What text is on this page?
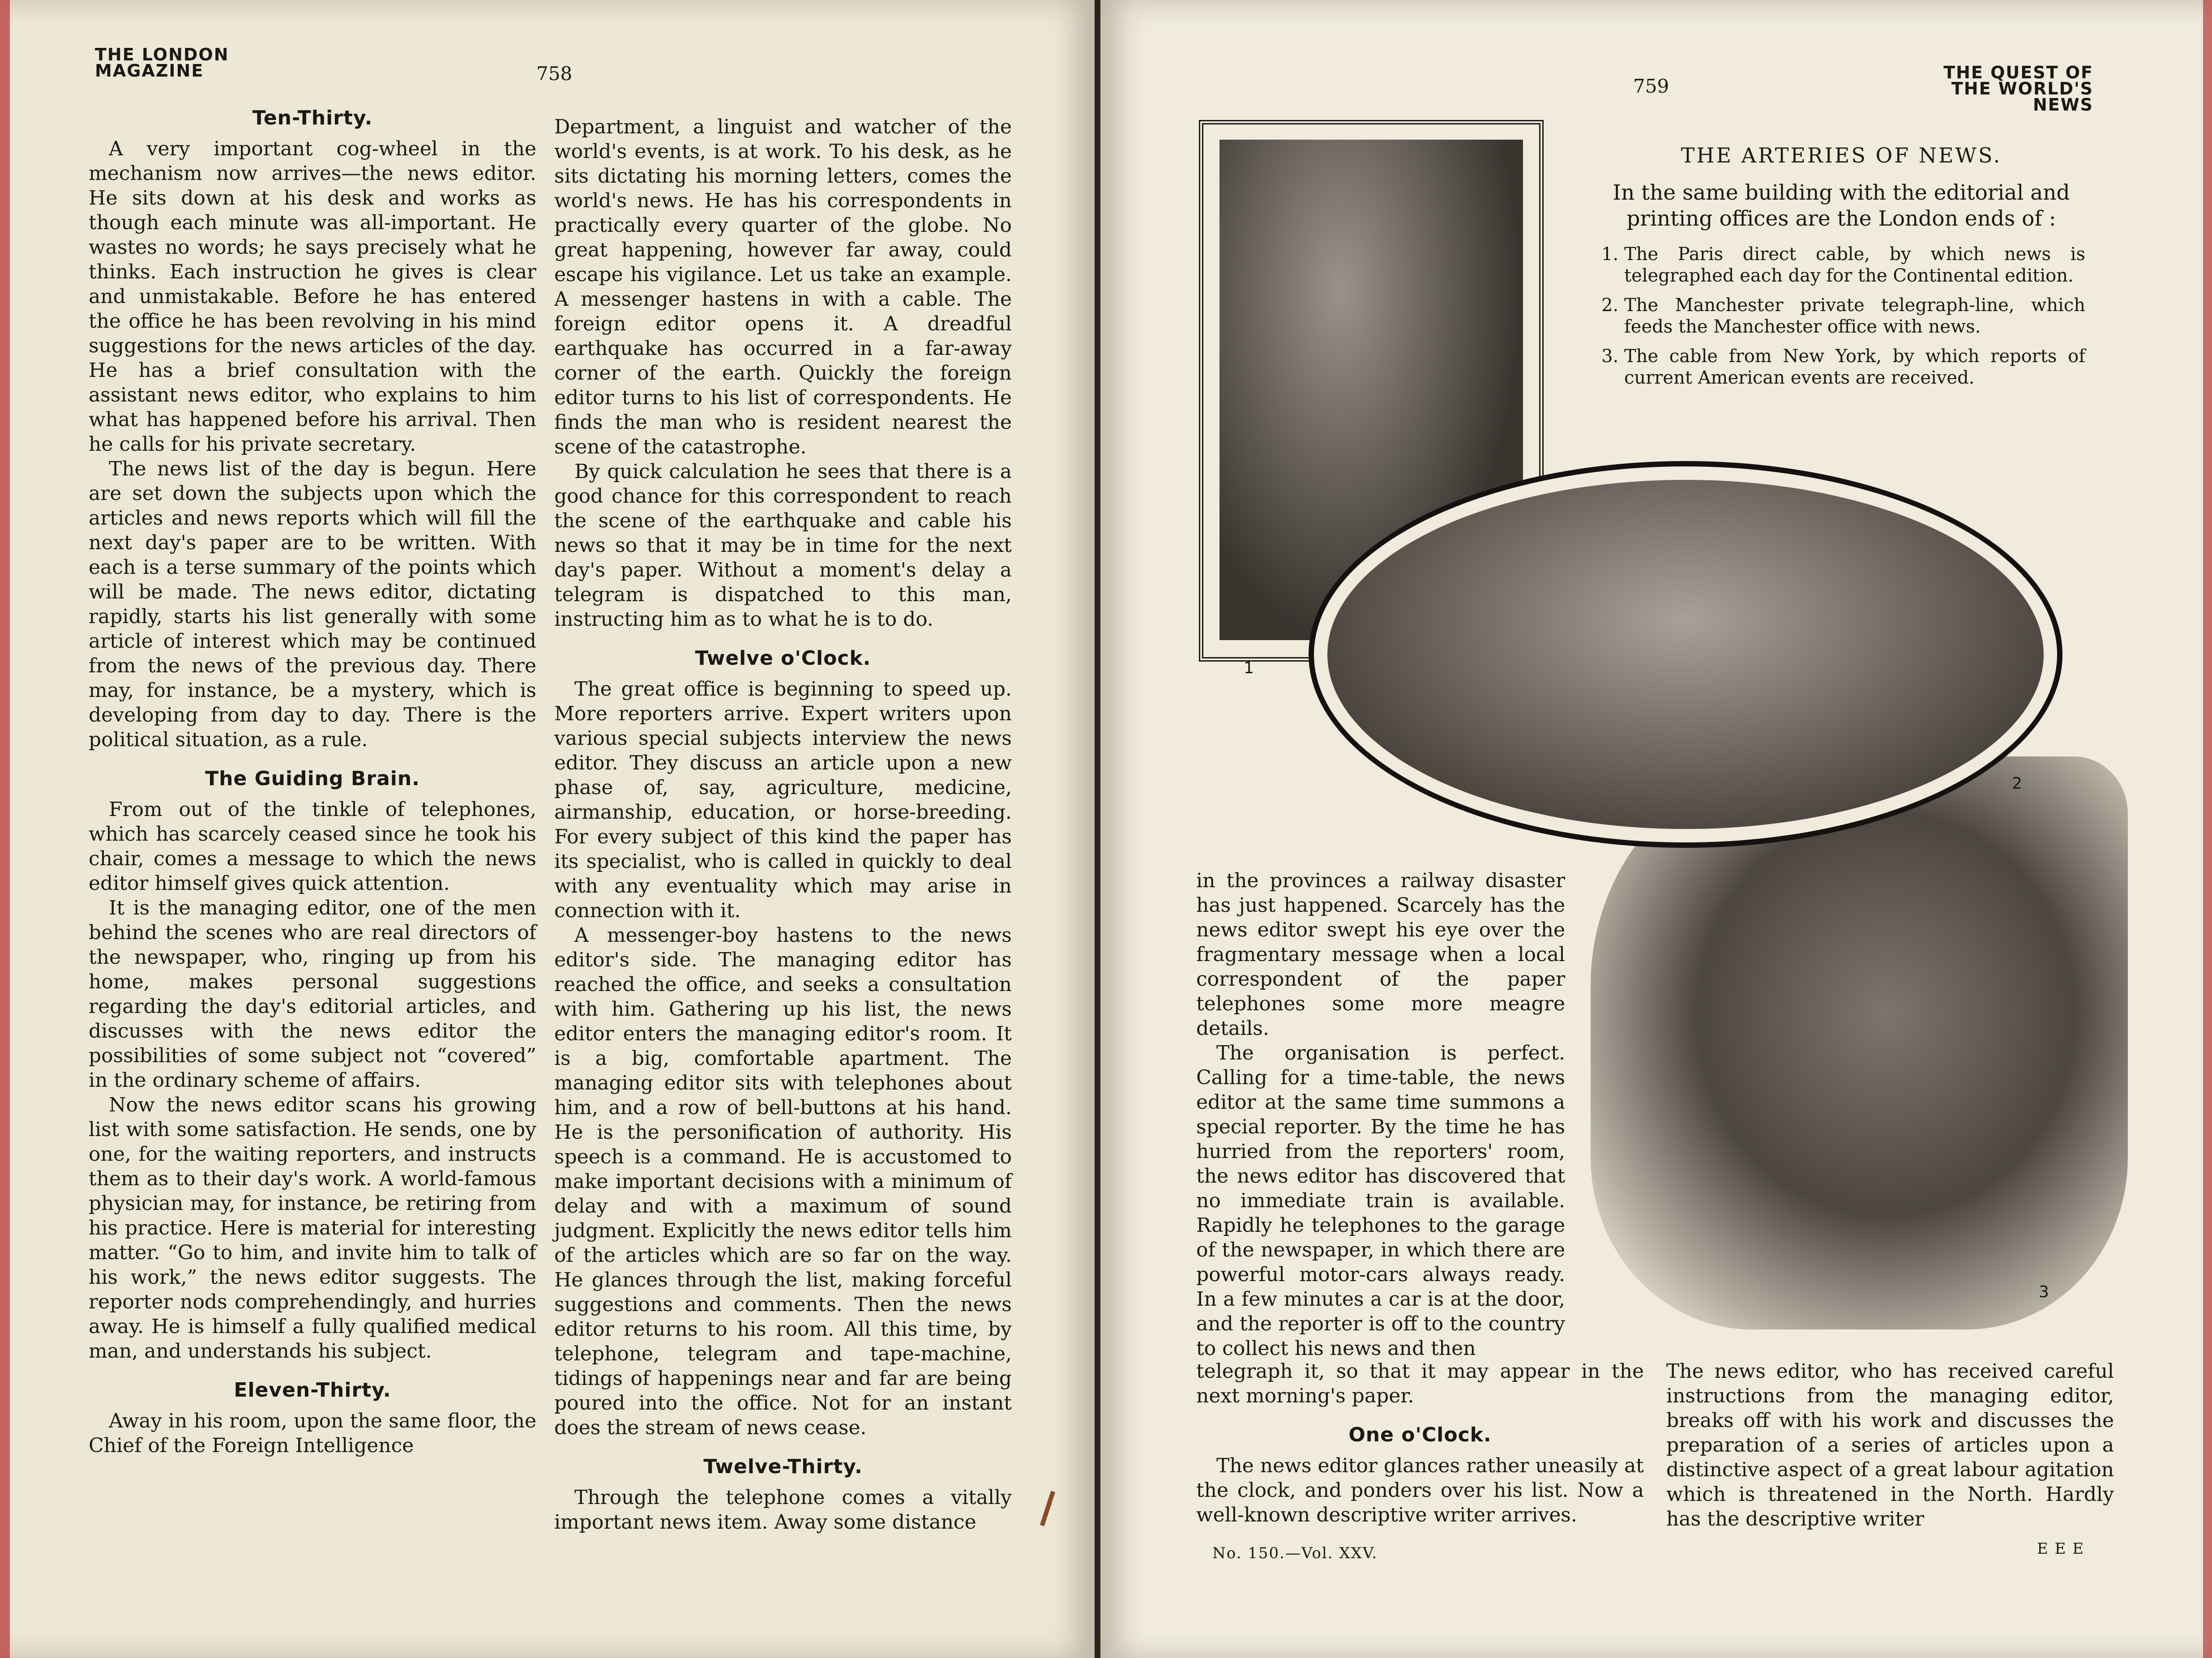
THE LONDON MAGAZINE	758
Ten-Thirty.

A very important cog-wheel in the mechanism now arrives—the news editor. He sits down at his desk and works as though each minute was all-important. He wastes no words; he says precisely what he thinks. Each instruction he gives is clear and unmistakable. Before he has entered the office he has been revolving in his mind suggestions for the news articles of the day. He has a brief consultation with the assistant news editor, who explains to him what has happened before his arrival. Then he calls for his private secretary.

The news list of the day is begun. Here are set down the subjects upon which the articles and news reports which will fill the next day's paper are to be written. With each is a terse summary of the points which will be made. The news editor, dictating rapidly, starts his list generally with some article of interest which may be continued from the news of the previous day. There may, for instance, be a mystery, which is developing from day to day. There is the political situation, as a rule.

The Guiding Brain.

From out of the tinkle of telephones, which has scarcely ceased since he took his chair, comes a message to which the news editor himself gives quick attention.

It is the managing editor, one of the men behind the scenes who are real directors of the newspaper, who, ringing up from his home, makes personal suggestions regarding the day's editorial articles, and discusses with the news editor the possibilities of some subject not “covered” in the ordinary scheme of affairs.

Now the news editor scans his growing list with some satisfaction. He sends, one by one, for the waiting reporters, and instructs them as to their day's work. A world-famous physician may, for instance, be retiring from his practice. Here is material for interesting matter. “Go to him, and invite him to talk of his work,” the news editor suggests. The reporter nods comprehendingly, and hurries away. He is himself a fully qualified medical man, and understands his subject.

Eleven-Thirty.

Away in his room, upon the same floor, the Chief of the Foreign Intelligence

Department, a linguist and watcher of the world's events, is at work. To his desk, as he sits dictating his morning letters, comes the world's news. He has his correspondents in practically every quarter of the globe. No great happening, however far away, could escape his vigilance. Let us take an example. A messenger hastens in with a cable. The foreign editor opens it. A dreadful earthquake has occurred in a far-away corner of the earth. Quickly the foreign editor turns to his list of correspondents. He finds the man who is resident nearest the scene of the catastrophe.

By quick calculation he sees that there is a good chance for this correspondent to reach the scene of the earthquake and cable his news so that it may be in time for the next day's paper. Without a moment's delay a telegram is dispatched to this man, instructing him as to what he is to do.

Twelve o'Clock.

The great office is beginning to speed up. More reporters arrive. Expert writers upon various special subjects interview the news editor. They discuss an article upon a new phase of, say, agriculture, medicine, airmanship, education, or horse-breeding. For every subject of this kind the paper has its specialist, who is called in quickly to deal with any eventuality which may arise in connection with it.

A messenger-boy hastens to the news editor's side. The managing editor has reached the office, and seeks a consultation with him. Gathering up his list, the news editor enters the managing editor's room. It is a big, comfortable apartment. The managing editor sits with telephones about him, and a row of bell-buttons at his hand. He is the personification of authority. His speech is a command. He is accustomed to make important decisions with a minimum of delay and with a maximum of sound judgment. Explicitly the news editor tells him of the articles which are so far on the way. He glances through the list, making forceful suggestions and comments. Then the news editor returns to his room. All this time, by telephone, telegram and tape-machine, tidings of happenings near and far are being poured into the office. Not for an instant does the stream of news cease.

Twelve-Thirty.

Through the telephone comes a vitally important news item. Away some distance

759
THE QUEST OF THE WORLD'S NEWS
1
THE ARTERIES OF NEWS.

In the same building with the editorial and printing offices are the London ends of :

1. The Paris direct cable, by which news is telegraphed each day for the Continental edition.
2. The Manchester private telegraph-line, which feeds the Manchester office with news.
3. The cable from New York, by which reports of current American events are received.
2
3

in the provinces a railway disaster has just happened. Scarcely has the news editor swept his eye over the fragmentary message when a local correspondent of the paper telephones some more meagre details.

The organisation is perfect. Calling for a time-table, the news editor at the same time summons a special reporter. By the time he has hurried from the reporters' room, the news editor has discovered that no immediate train is available. Rapidly he telephones to the garage of the newspaper, in which there are powerful motor-cars always ready. In a few minutes a car is at the door, and the reporter is off to the country to collect his news and then

telegraph it, so that it may appear in the next morning's paper.

One o'Clock.

The news editor glances rather uneasily at the clock, and ponders over his list. Now a well-known descriptive writer arrives.

The news editor, who has received careful instructions from the managing editor, breaks off with his work and discusses the preparation of a series of articles upon a distinctive aspect of a great labour agitation which is threatened in the North. Hardly has the descriptive writer

No. 150.—Vol. XXV.	E E E
